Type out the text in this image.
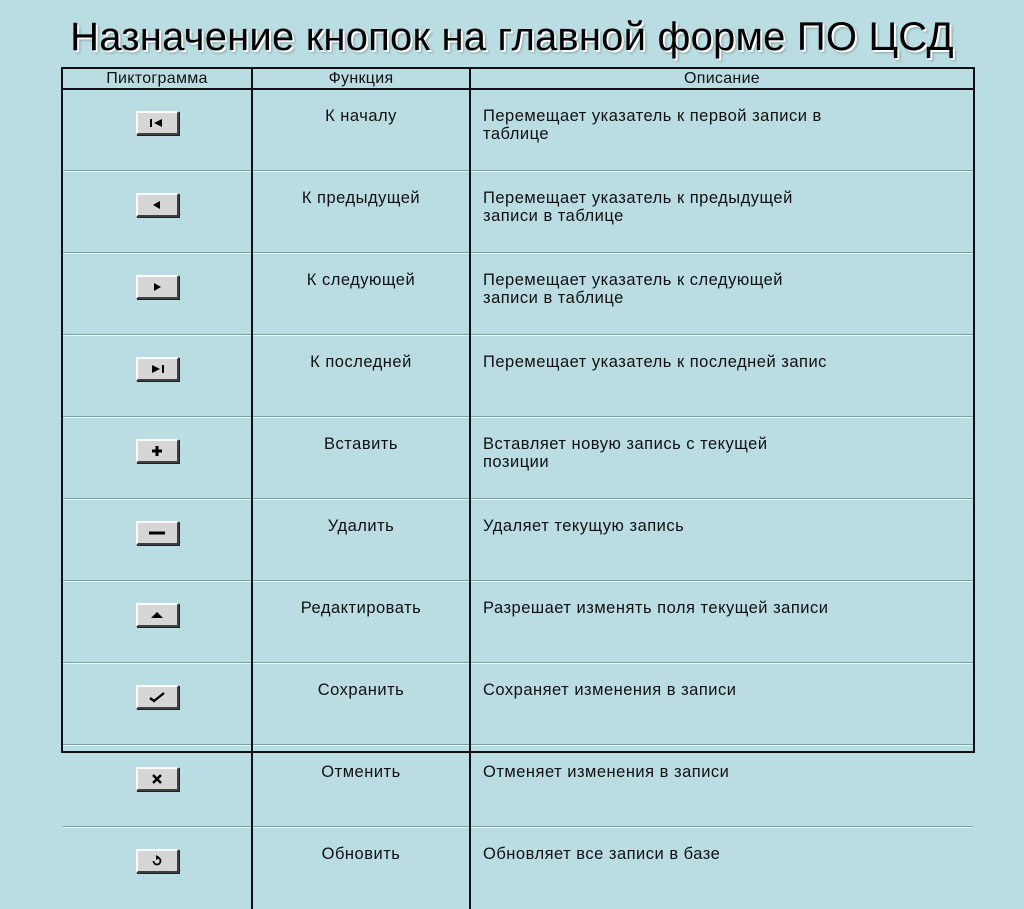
Назначение кнопок на главной форме ПО ЦСД
Пиктограмма	Функция	Описание

	К началу	Перемещает указатель к первой записи в
таблице

	К предыдущей	Перемещает указатель к предыдущей
записи в таблице

	К следующей	Перемещает указатель к следующей
записи в таблице

	К последней	Перемещает указатель к последней запис

	Вставить	Вставляет новую запись с текущей
позиции

	Удалить	Удаляет текущую запись

	Редактировать	Разрешает изменять поля текущей записи

	Сохранить	Сохраняет изменения в записи

	Отменить	Отменяет изменения в записи

	Обновить	Обновляет все записи в базе
